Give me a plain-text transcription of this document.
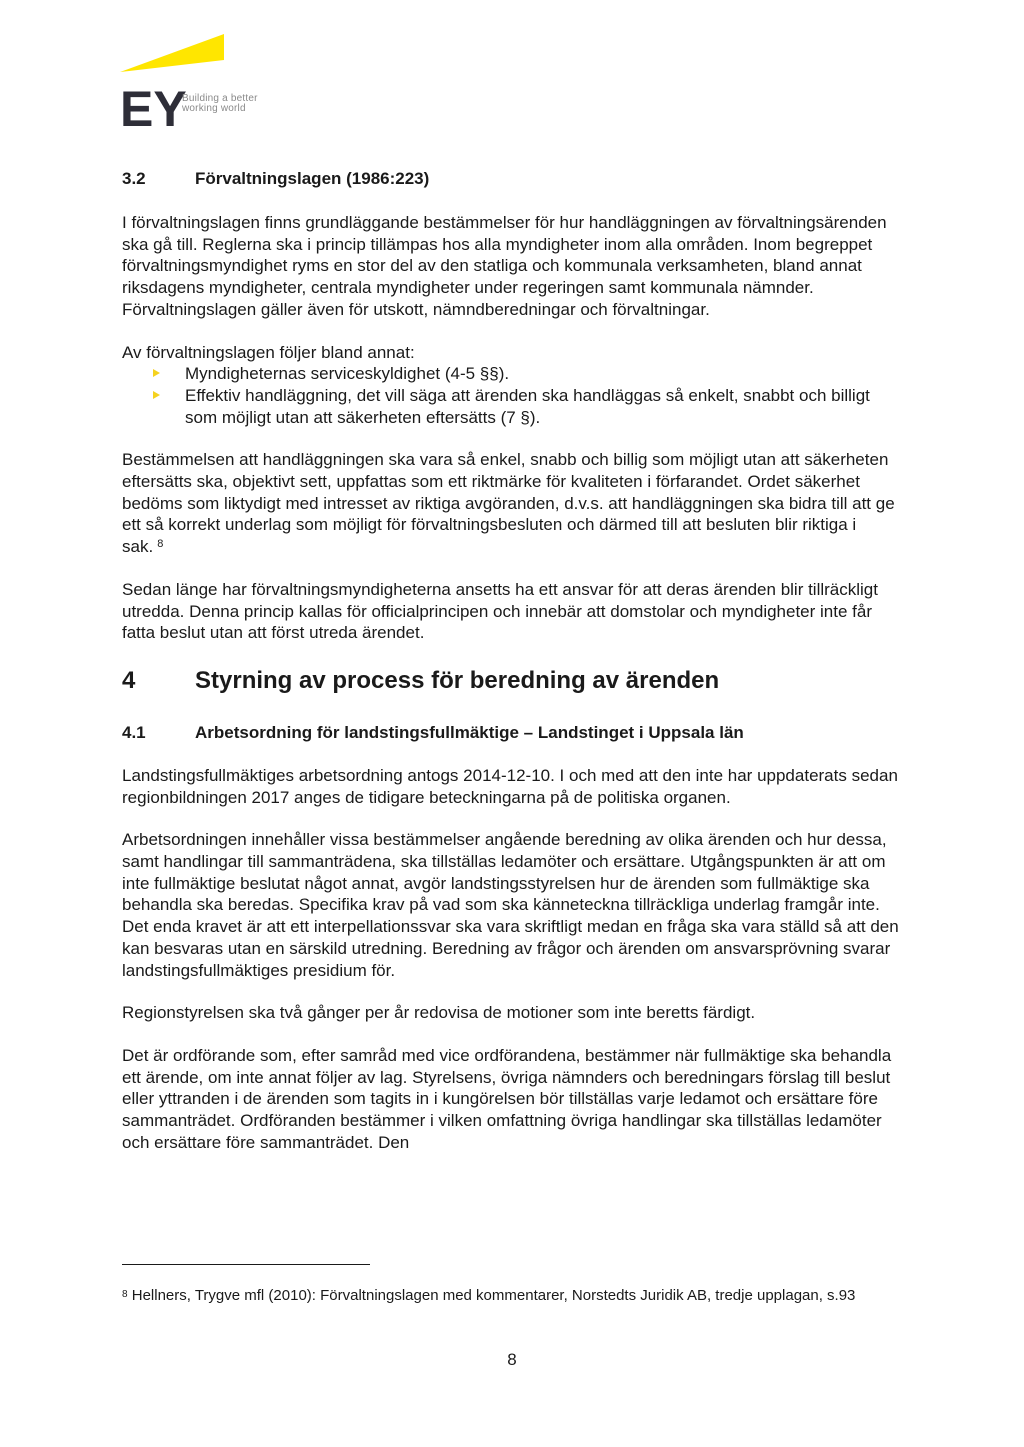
EY
Building a better
working world
3.2	Förvaltningslagen (1986:223)

I förvaltningslagen finns grundläggande bestämmelser för hur handläggningen av förvaltningsärenden ska gå till. Reglerna ska i princip tillämpas hos alla myndigheter inom alla områden. Inom begreppet förvaltningsmyndighet ryms en stor del av den statliga och kommunala verksamheten, bland annat riksdagens myndigheter, centrala myndigheter under regeringen samt kommunala nämnder. Förvaltningslagen gäller även för utskott, nämndberedningar och förvaltningar.

Av förvaltningslagen följer bland annat:

Myndigheternas serviceskyldighet (4-5 §§).
Effektiv handläggning, det vill säga att ärenden ska handläggas så enkelt, snabbt och billigt som möjligt utan att säkerheten eftersätts (7 §).

Bestämmelsen att handläggningen ska vara så enkel, snabb och billig som möjligt utan att säkerheten eftersätts ska, objektivt sett, uppfattas som ett riktmärke för kvaliteten i förfarandet. Ordet säkerhet bedöms som liktydigt med intresset av riktiga avgöranden, d.v.s. att handläggningen ska bidra till att ge ett så korrekt underlag som möjligt för förvaltningsbesluten och därmed till att besluten blir riktiga i sak. $^8$

Sedan länge har förvaltningsmyndigheterna ansetts ha ett ansvar för att deras ärenden blir tillräckligt utredda. Denna princip kallas för officialprincipen och innebär att domstolar och myndigheter inte får fatta beslut utan att först utreda ärendet.

4	Styrning av process för beredning av ärenden
4.1	Arbetsordning för landstingsfullmäktige – Landstinget i Uppsala län

Landstingsfullmäktiges arbetsordning antogs 2014-12-10. I och med att den inte har uppdaterats sedan regionbildningen 2017 anges de tidigare beteckningarna på de politiska organen.

Arbetsordningen innehåller vissa bestämmelser angående beredning av olika ärenden och hur dessa, samt handlingar till sammanträdena, ska tillställas ledamöter och ersättare. Utgångspunkten är att om inte fullmäktige beslutat något annat, avgör landstingsstyrelsen hur de ärenden som fullmäktige ska behandla ska beredas. Specifika krav på vad som ska känneteckna tillräckliga underlag framgår inte. Det enda kravet är att ett interpellationssvar ska vara skriftligt medan en fråga ska vara ställd så att den kan besvaras utan en särskild utredning. Beredning av frågor och ärenden om ansvarsprövning svarar landstingsfullmäktiges presidium för.

Regionstyrelsen ska två gånger per år redovisa de motioner som inte beretts färdigt.

Det är ordförande som, efter samråd med vice ordförandena, bestämmer när fullmäktige ska behandla ett ärende, om inte annat följer av lag. Styrelsens, övriga nämnders och beredningars förslag till beslut eller yttranden i de ärenden som tagits in i kungörelsen bör tillställas varje ledamot och ersättare före sammanträdet. Ordföranden bestämmer i vilken omfattning övriga handlingar ska tillställas ledamöter och ersättare före sammanträdet. Den

$^8$ Hellners, Trygve mfl (2010): Förvaltningslagen med kommentarer, Norstedts Juridik AB, tredje upplagan, s.93
8
